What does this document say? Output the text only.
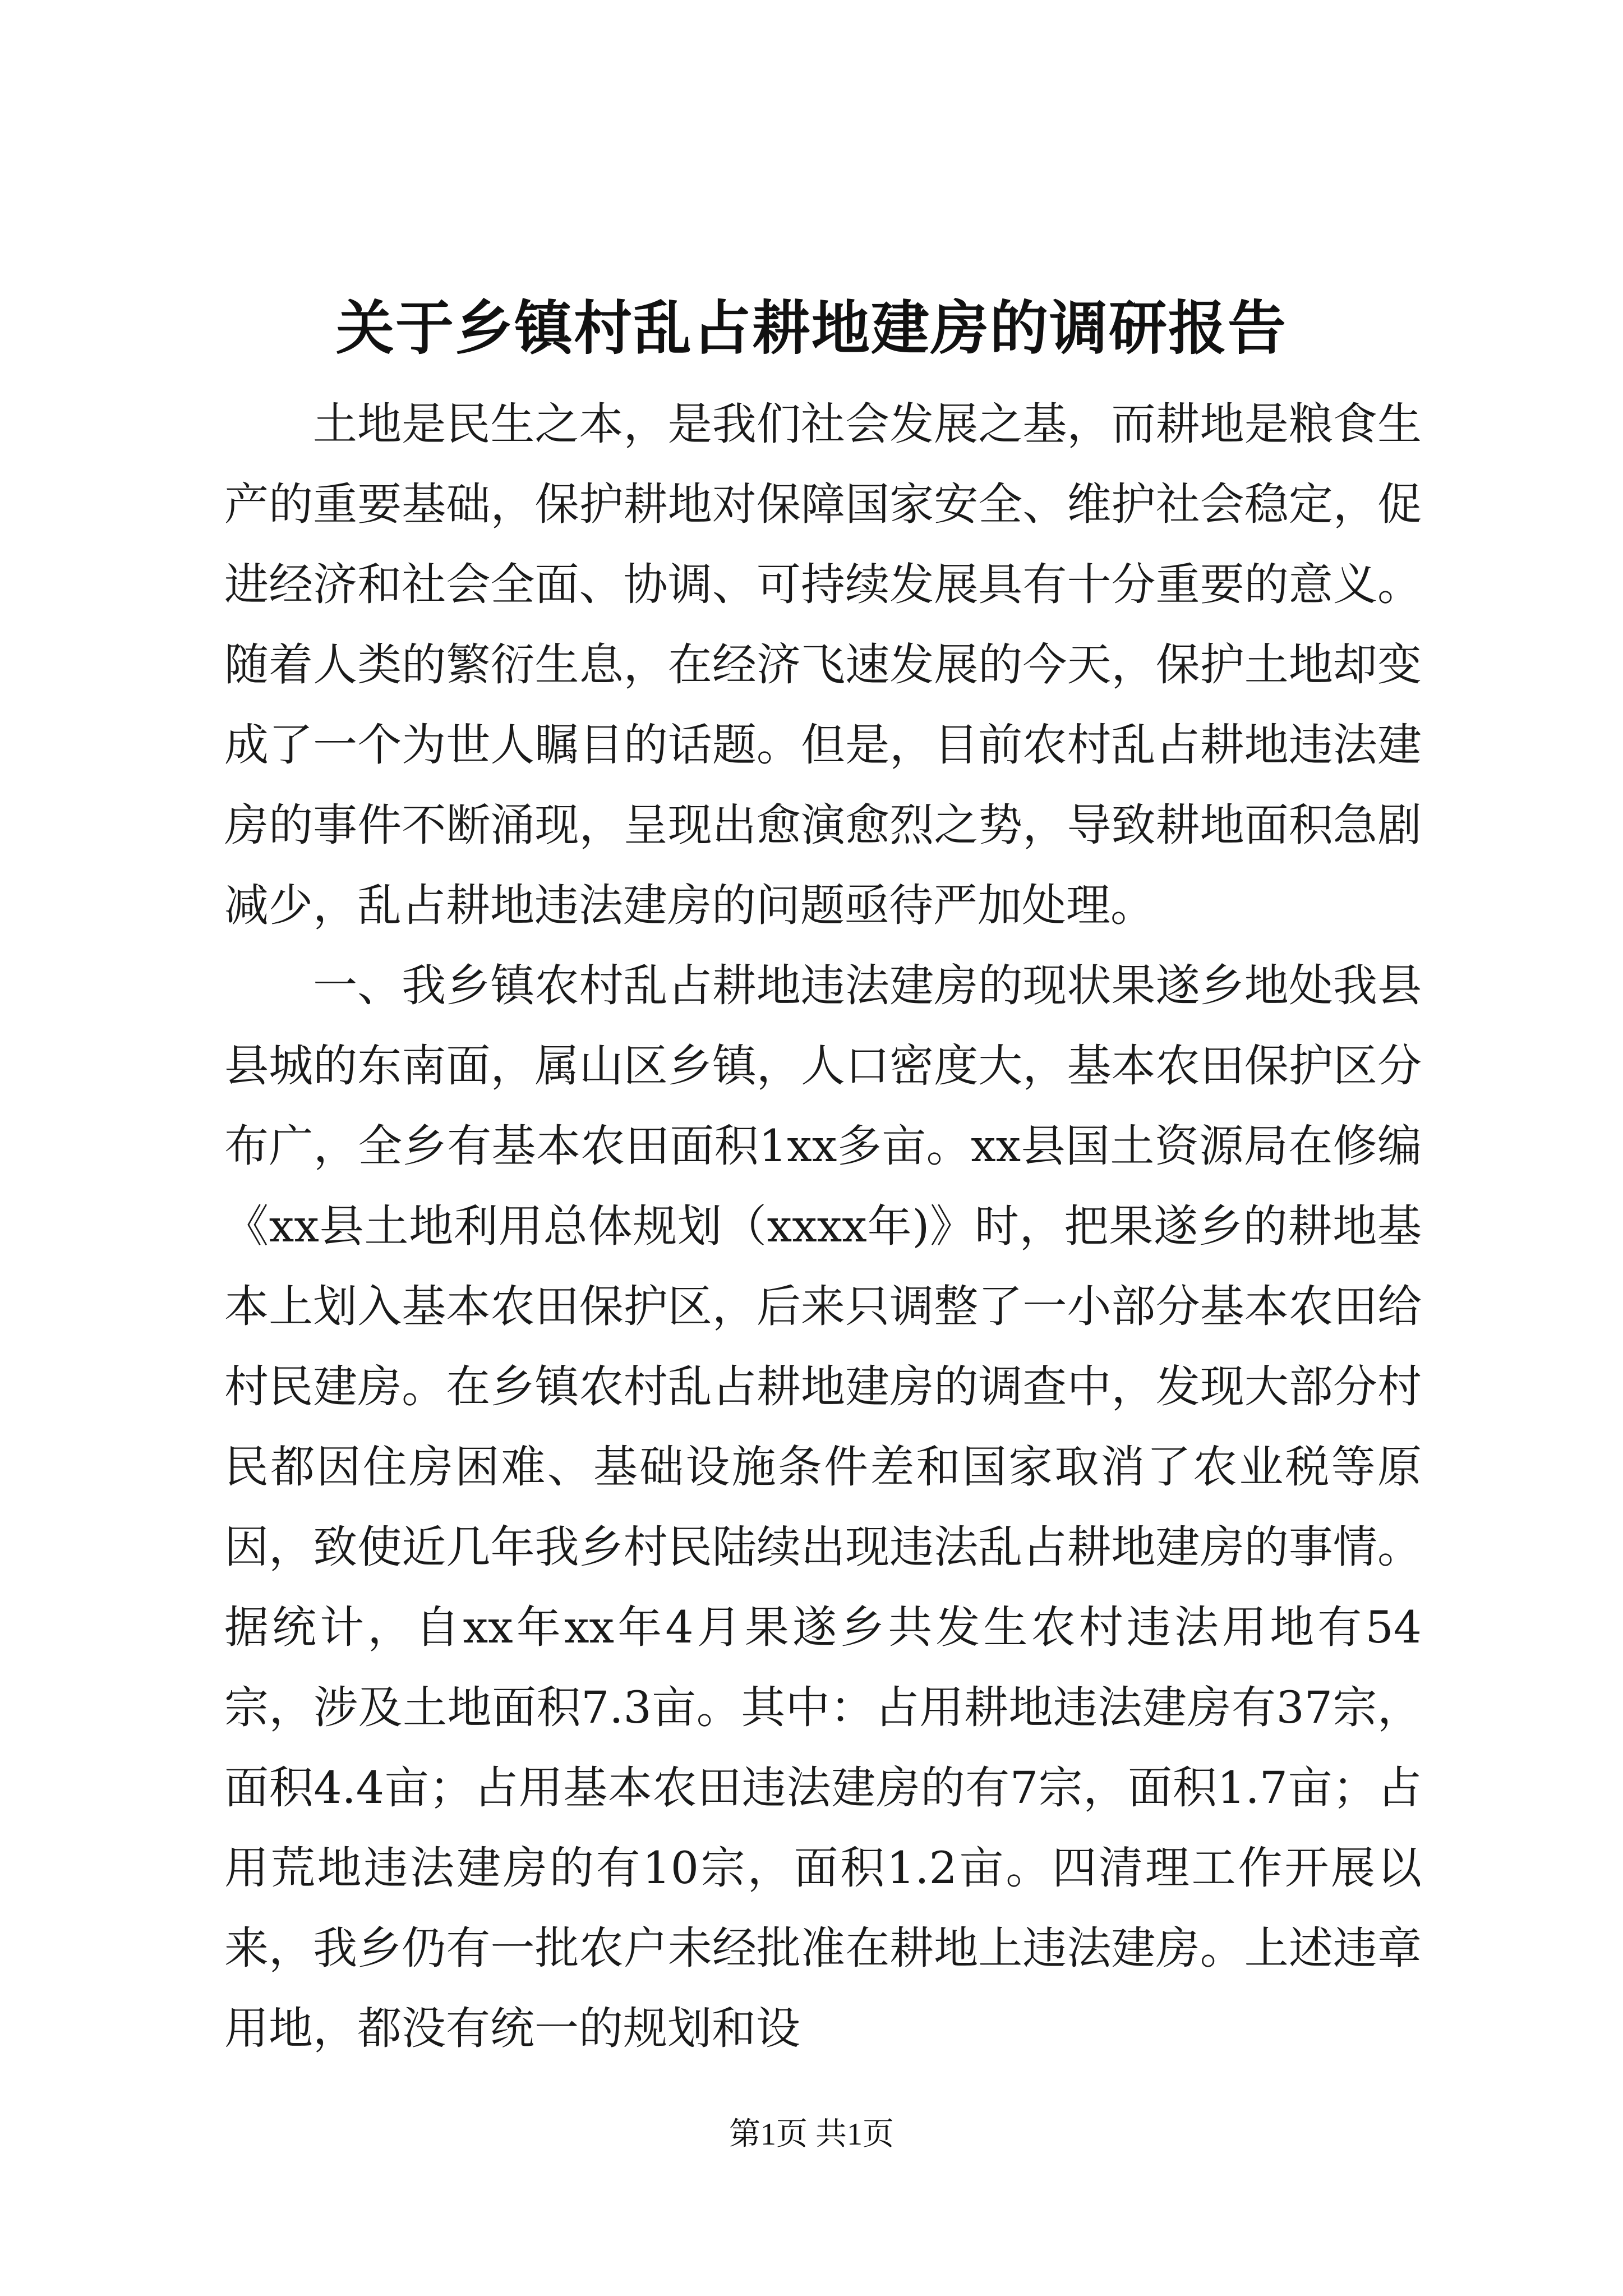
关于乡镇村乱占耕地建房的调研报告

土地是民生之本，是我们社会发展之基，而耕地是粮食生产的重要基础，保护耕地对保障国家安全、维护社会稳定，促进经济和社会全面、协调、可持续发展具有十分重要的意义。随着人类的繁衍生息，在经济飞速发展的今天，保护土地却变成了一个为世人瞩目的话题。但是，目前农村乱占耕地违法建房的事件不断涌现，呈现出愈演愈烈之势，导致耕地面积急剧减少，乱占耕地违法建房的问题亟待严加处理。

一、我乡镇农村乱占耕地违法建房的现状果遂乡地处我县县城的东南面，属山区乡镇，人口密度大，基本农田保护区分布广，全乡有基本农田面积1xx多亩。xx县国土资源局在修编《xx县土地利用总体规划（xxxx年)》时，把果遂乡的耕地基本上划入基本农田保护区，后来只调整了一小部分基本农田给村民建房。在乡镇农村乱占耕地建房的调查中，发现大部分村民都因住房困难、基础设施条件差和国家取消了农业税等原因，致使近几年我乡村民陆续出现违法乱占耕地建房的事情。据统计，自xx年xx年4月果遂乡共发生农村违法用地有54宗，涉及土地面积7.3亩。其中：占用耕地违法建房有37宗，面积4.4亩；占用基本农田违法建房的有7宗，面积1.7亩；占用荒地违法建房的有10宗，面积1.2亩。四清理工作开展以来，我乡仍有一批农户未经批准在耕地上违法建房。上述违章用地，都没有统一的规划和设

第1页 共1页
